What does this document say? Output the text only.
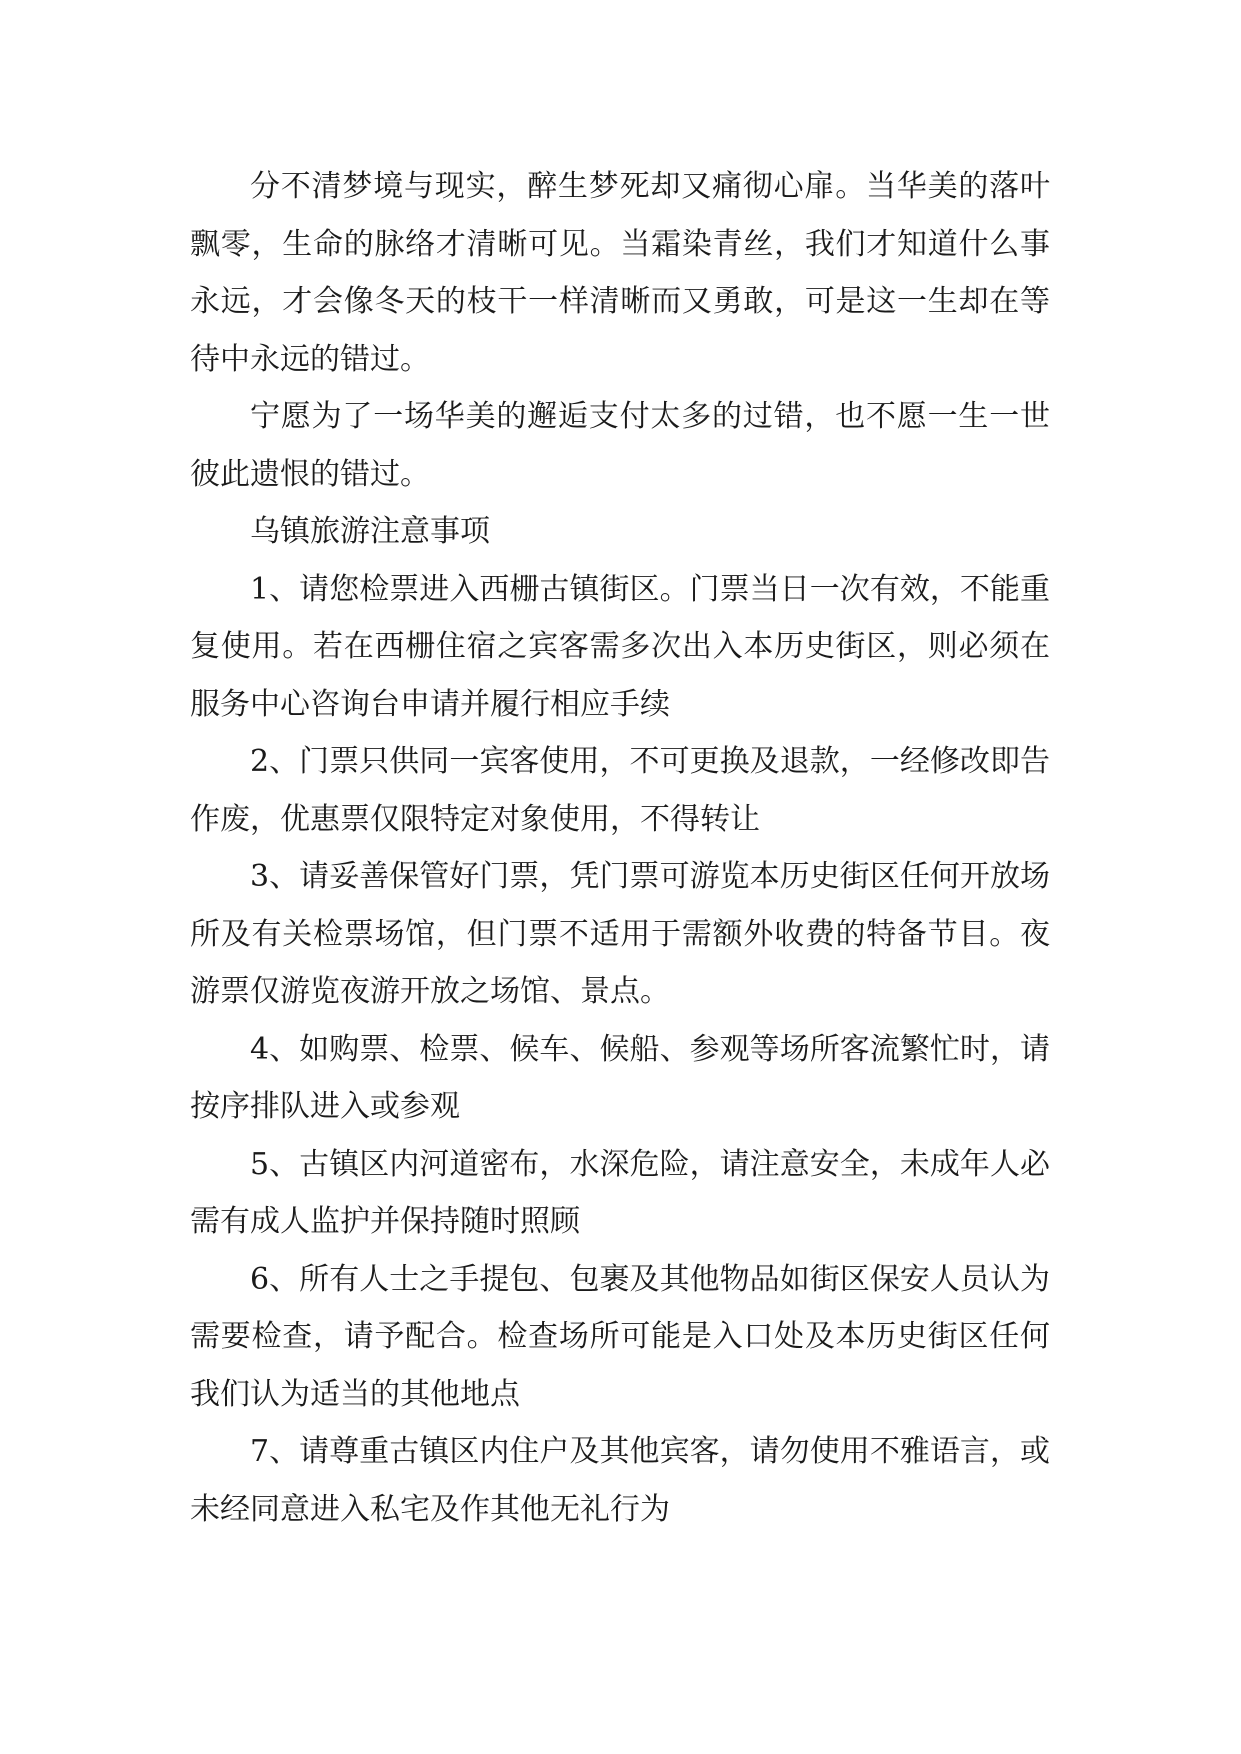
分不清梦境与现实，醉生梦死却又痛彻心扉。当华美的落叶飘零，生命的脉络才清晰可见。当霜染青丝，我们才知道什么事永远，才会像冬天的枝干一样清晰而又勇敢，可是这一生却在等待中永远的错过。

宁愿为了一场华美的邂逅支付太多的过错，也不愿一生一世彼此遗恨的错过。

乌镇旅游注意事项

1、请您检票进入西栅古镇街区。门票当日一次有效，不能重复使用。若在西栅住宿之宾客需多次出入本历史街区，则必须在服务中心咨询台申请并履行相应手续

2、门票只供同一宾客使用，不可更换及退款，一经修改即告作废，优惠票仅限特定对象使用，不得转让

3、请妥善保管好门票，凭门票可游览本历史街区任何开放场所及有关检票场馆，但门票不适用于需额外收费的特备节目。夜游票仅游览夜游开放之场馆、景点。

4、如购票、检票、候车、候船、参观等场所客流繁忙时，请按序排队进入或参观

5、古镇区内河道密布，水深危险，请注意安全，未成年人必需有成人监护并保持随时照顾

6、所有人士之手提包、包裹及其他物品如街区保安人员认为需要检查，请予配合。检查场所可能是入口处及本历史街区任何我们认为适当的其他地点

7、请尊重古镇区内住户及其他宾客，请勿使用不雅语言，或未经同意进入私宅及作其他无礼行为
